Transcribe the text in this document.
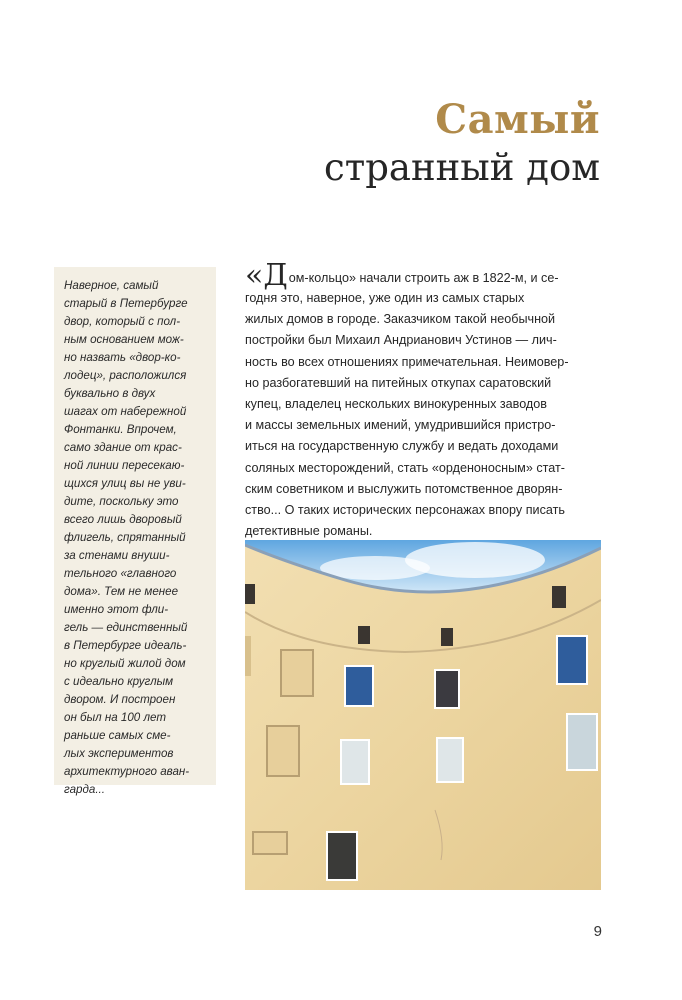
Самый
странный дом

Наверное, самый
старый в Петербурге
двор, который с пол-
ным основанием мож-
но назвать «двор-ко-
лодец», расположился
буквально в двух
шагах от набережной
Фонтанки. Впрочем,
само здание от крас-
ной линии пересекаю-
щихся улиц вы не уви-
дите, поскольку это
всего лишь дворовый
флигель, спрятанный
за стенами внуши-
тельного «главного
дома». Тем не менее
именно этот фли-
гель — единственный
в Петербурге идеаль-
но круглый жилой дом
с идеально круглым
двором. И построен
он был на 100 лет
раньше самых сме-
лых экспериментов
архитектурного аван-
гарда...

«Дом-кольцо» начали строить аж в 1822-м, и се-

годня это, наверное, уже один из самых старых
жилых домов в городе. Заказчиком такой необычной
постройки был Михаил Андрианович Устинов — лич-
ность во всех отношениях примечательная. Неимовер-
но разбогатевший на питейных откупах саратовский
купец, владелец нескольких винокуренных заводов
и массы земельных имений, умудрившийся пристро-
иться на государственную службу и ведать доходами
соляных месторождений, стать «орденоносным» стат-
ским советником и выслужить потомственное дворян-
ство... О таких исторических персонажах впору писать
детективные романы.

9
